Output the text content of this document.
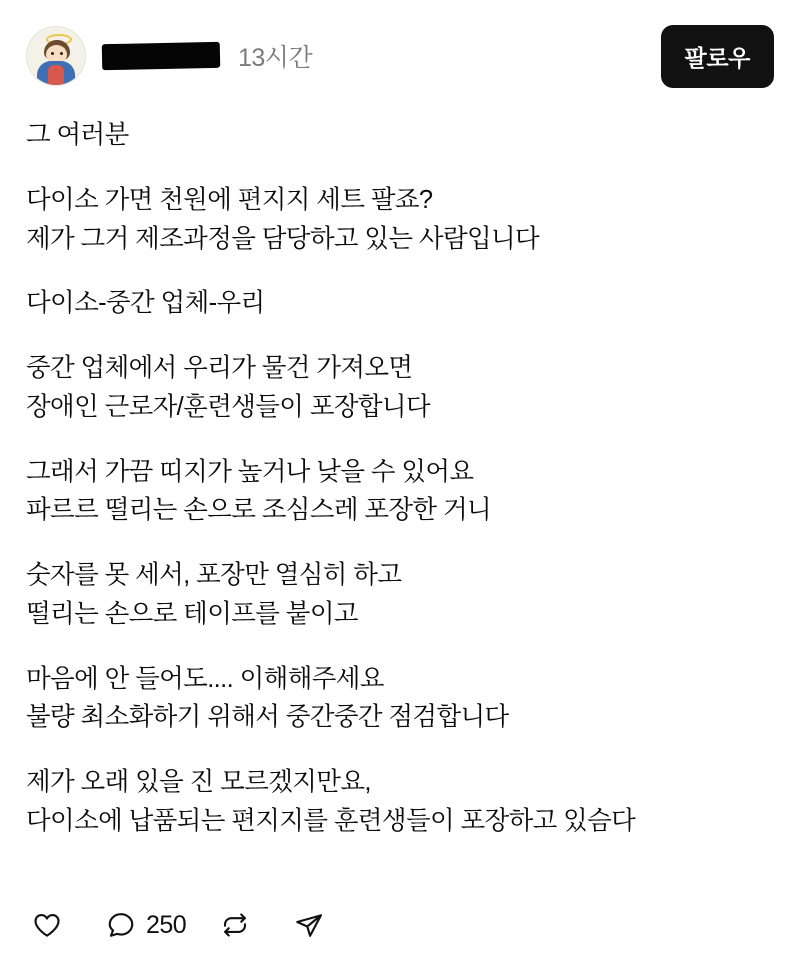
13시간	팔로우
그 여러분
다이소 가면 천원에 편지지 세트 팔죠?
제가 그거 제조과정을 담당하고 있는 사람입니다
다이소-중간 업체-우리
중간 업체에서 우리가 물건 가져오면
장애인 근로자/훈련생들이 포장합니다
그래서 가끔 띠지가 높거나 낮을 수 있어요
파르르 떨리는 손으로 조심스레 포장한 거니
숫자를 못 세서, 포장만 열심히 하고
떨리는 손으로 테이프를 붙이고
마음에 안 들어도.... 이해해주세요
불량 최소화하기 위해서 중간중간 점검합니다
제가 오래 있을 진 모르겠지만요,
다이소에 납품되는 편지지를 훈련생들이 포장하고 있슴다
250
